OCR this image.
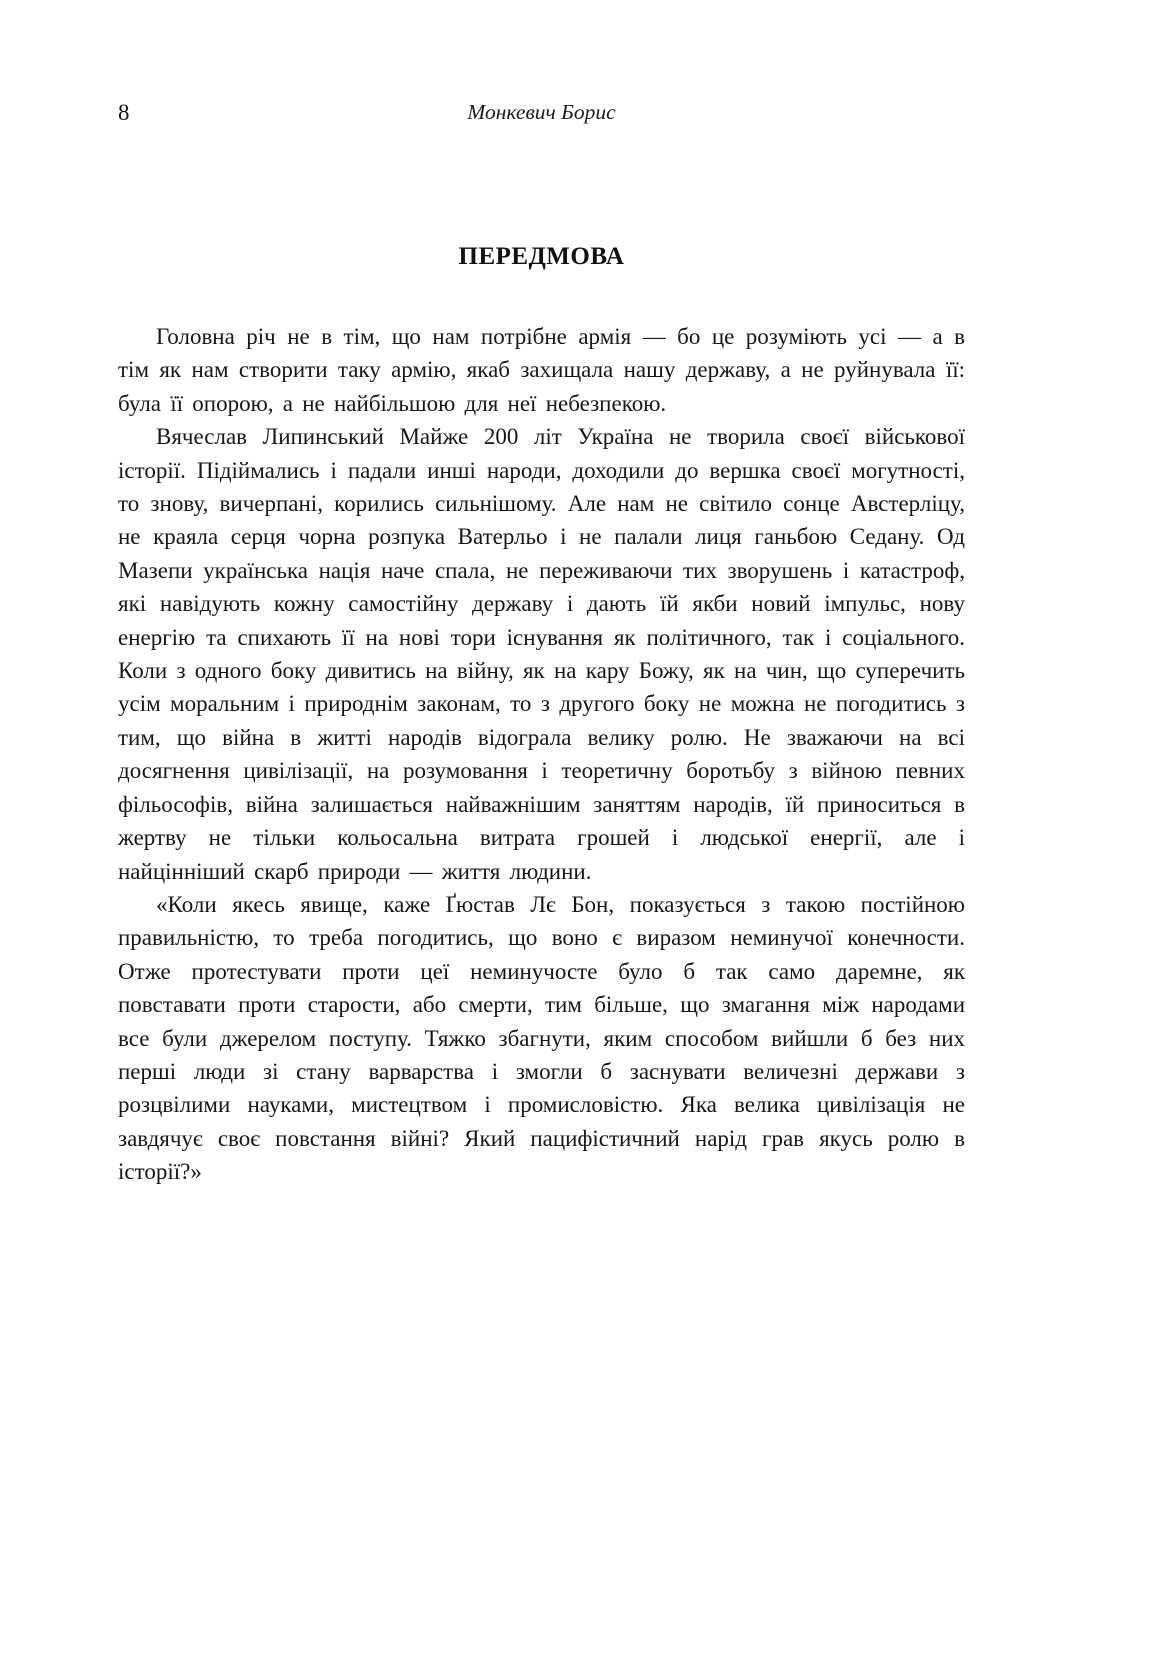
8	Монкевич Борис
ПЕРЕДМОВА

Головна річ не в тім, що нам потрібне армія — бо це розуміють усі — а в тім як нам створити таку армію, якаб захищала нашу державу, а не руйнувала її: була її опорою, а не найбільшою для неї небезпекою.

Вячеслав Липинський Майже 200 літ Україна не творила своєї військової історії. Підіймались і падали инші народи, доходили до вершка своєї могутності, то знову, вичерпані, корились сильнішому. Але нам не світило сонце Австерліцу, не краяла серця чорна розпука Ватерльо і не палали лиця ганьбою Седану. Од Мазепи українська нація наче спала, не переживаючи тих зворушень і катастроф, які навідують кожну самостійну державу і дають їй якби новий імпульс, нову енергію та спихають її на нові тори існування як політичного, так і соціального. Коли з одного боку дивитись на війну, як на кару Божу, як на чин, що суперечить усім моральним і природнім законам, то з другого боку не можна не погодитись з тим, що війна в житті народів відограла велику ролю. Не зважаючи на всі досягнення цивілізації, на розумовання і теоретичну боротьбу з війною певних фільософів, війна залишається найважнішим заняттям народів, їй приноситься в жертву не тільки кольосальна витрата грошей і людської енергії, але і найцінніший скарб природи — життя людини.

«Коли якесь явище, каже Ґюстав Лє Бон, показується з такою постійною правильністю, то треба погодитись, що воно є виразом неминучої конечности. Отже протестувати проти цеї неминучосте було б так само даремне, як повставати проти старости, або смерти, тим більше, що змагання між народами все були джерелом поступу. Тяжко збагнути, яким способом вийшли б без них перші люди зі стану варварства і змогли б заснувати величезні держави з розцвілими науками, мистецтвом і промисловістю. Яка велика цивілізація не завдячує своє повстання війні? Який пацифістичний нарід грав якусь ролю в історії?»
